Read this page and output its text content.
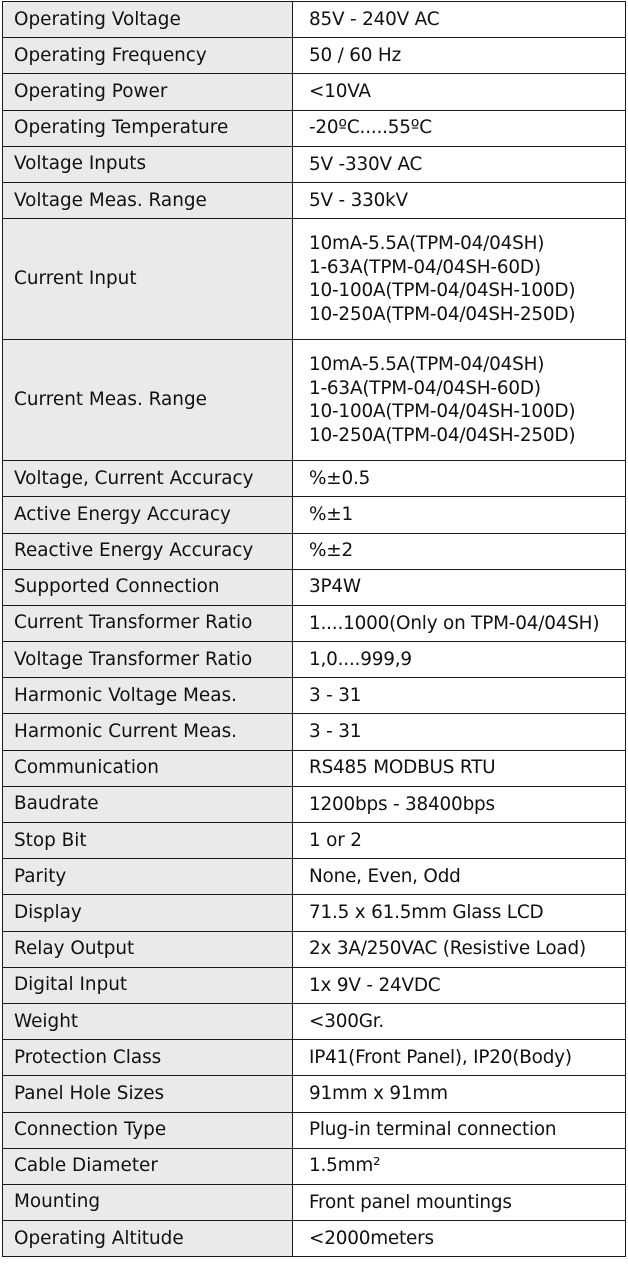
Operating Voltage	85V - 240V AC

Operating Frequency	50 / 60 Hz

Operating Power	<10VA

Operating Temperature	-20ºC.....55ºC

Voltage Inputs	5V -330V AC

Voltage Meas. Range	5V - 330kV

Current Input	10mA-5.5A(TPM-04/04SH)
1-63A(TPM-04/04SH-60D)
10-100A(TPM-04/04SH-100D)
10-250A(TPM-04/04SH-250D)

Current Meas. Range	10mA-5.5A(TPM-04/04SH)
1-63A(TPM-04/04SH-60D)
10-100A(TPM-04/04SH-100D)
10-250A(TPM-04/04SH-250D)

Voltage, Current Accuracy	%±0.5

Active Energy Accuracy	%±1

Reactive Energy Accuracy	%±2

Supported Connection	3P4W

Current Transformer Ratio	1....1000(Only on TPM-04/04SH)

Voltage Transformer Ratio	1,0....999,9

Harmonic Voltage Meas.	3 - 31

Harmonic Current Meas.	3 - 31

Communication	RS485 MODBUS RTU

Baudrate	1200bps - 38400bps

Stop Bit	1 or 2

Parity	None, Even, Odd

Display	71.5 x 61.5mm Glass LCD

Relay Output	2x 3A/250VAC (Resistive Load)

Digital Input	1x 9V - 24VDC

Weight	<300Gr.

Protection Class	IP41(Front Panel), IP20(Body)

Panel Hole Sizes	91mm x 91mm

Connection Type	Plug-in terminal connection

Cable Diameter	1.5mm²

Mounting	Front panel mountings

Operating Altitude	<2000meters
